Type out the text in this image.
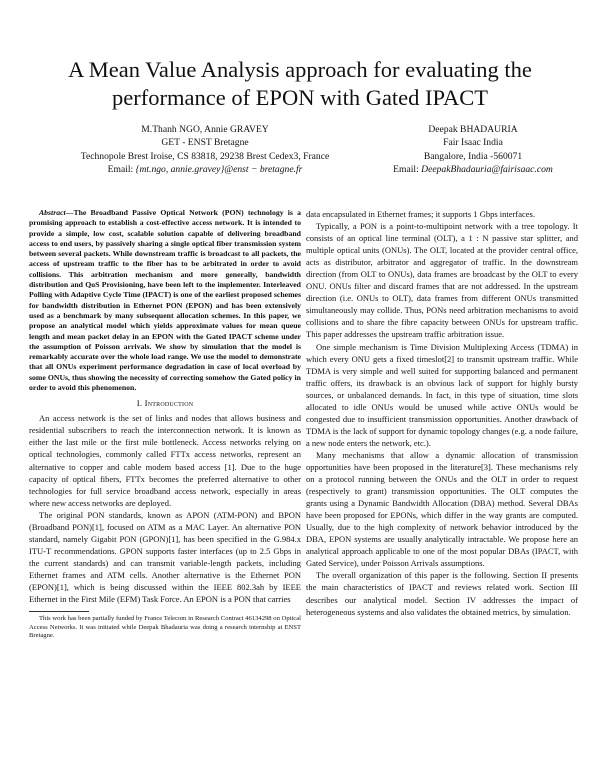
A Mean Value Analysis approach for evaluating the performance of EPON with Gated IPACT
M.Thanh NGO, Annie GRAVEY
GET - ENST Bretagne
Technopole Brest Iroise, CS 83818, 29238 Brest Cedex3, France
Email: {mt.ngo, annie.gravey}@enst − bretagne.fr
Deepak BHADAURIA
Fair Isaac India
Bangalore, India -560071
Email: DeepakBhadauria@fairisaac.com

Abstract—The Broadband Passive Optical Network (PON) technology is a promising approach to establish a cost-effective access network. It is intended to provide a simple, low cost, scalable solution capable of delivering broadband access to end users, by passively sharing a single optical fiber transmission system between several packets. While downstream traffic is broadcast to all packets, the access of upstream traffic to the fiber has to be arbitrated in order to avoid collisions. This arbitration mechanism and more generally, bandwidth distribution and QoS Provisioning, have been left to the implementer. Interleaved Polling with Adaptive Cycle Time (IPACT) is one of the earliest proposed schemes for bandwidth distribution in Ethernet PON (EPON) and has been extensively used as a benchmark by many subsequent allocation schemes. In this paper, we propose an analytical model which yields approximate values for mean queue length and mean packet delay in an EPON with the Gated IPACT scheme under the assumption of Poisson arrivals. We show by simulation that the model is remarkably accurate over the whole load range. We use the model to demonstrate that all ONUs experiment performance degradation in case of local overload by some ONUs, thus showing the necessity of correcting somehow the Gated policy in order to avoid this phenomenon.

I. Introduction

An access network is the set of links and nodes that allows business and residential subscribers to reach the interconnection network. It is known as either the last mile or the first mile bottleneck. Access networks relying on optical technologies, commonly called FTTx access networks, represent an alternative to copper and cable modem based access [1]. Due to the huge capacity of optical fibers, FTTx becomes the preferred alternative to other technologies for full service broadband access network, especially in areas where new access networks are deployed.

The original PON standards, known as APON (ATM-PON) and BPON (Broadband PON)[1], focused on ATM as a MAC Layer. An alternative PON standard, namely Gigabit PON (GPON)[1], has been specified in the G.984.x ITU-T recommendations. GPON supports faster interfaces (up to 2.5 Gbps in the current standards) and can transmit variable-length packets, including Ethernet frames and ATM cells. Another alternative is the Ethernet PON (EPON)[1], which is being discussed within the IEEE 802.3ah by IEEE Ethernet in the First Mile (EFM) Task Force. An EPON is a PON that carries

This work has been partially funded by France Telecom in Research Contract 46134298 on Optical Access Networks. It was initiated while Deepak Bhadauria was doing a research internship at ENST Bretagne.

data encapsulated in Ethernet frames; it supports 1 Gbps interfaces.

Typically, a PON is a point-to-multipoint network with a tree topology. It consists of an optical line terminal (OLT), a 1 : N passive star splitter, and multiple optical units (ONUs). The OLT, located at the provider central office, acts as distributor, arbitrator and aggregator of traffic. In the downstream direction (from OLT to ONUs), data frames are broadcast by the OLT to every ONU. ONUs filter and discard frames that are not addressed. In the upstream direction (i.e. ONUs to OLT), data frames from different ONUs transmitted simultaneously may collide. Thus, PONs need arbitration mechanisms to avoid collisions and to share the fibre capacity between ONUs for upstream traffic. This paper addresses the upstream traffic arbitration issue.

One simple mechanism is Time Division Multiplexing Access (TDMA) in which every ONU gets a fixed timeslot[2] to transmit upstream traffic. While TDMA is very simple and well suited for supporting balanced and permanent traffic offers, its drawback is an obvious lack of support for highly bursty sources, or unbalanced demands. In fact, in this type of situation, time slots allocated to idle ONUs would be unused while active ONUs would be congested due to insufficient transmission opportunities. Another drawback of TDMA is the lack of support for dynamic topology changes (e.g. a node failure, a new node enters the network, etc.).

Many mechanisms that allow a dynamic allocation of transmission opportunities have been proposed in the literature[3]. These mechanisms rely on a protocol running between the ONUs and the OLT in order to request (respectively to grant) transmission opportunities. The OLT computes the grants using a Dynamic Bandwidth Allocation (DBA) method. Several DBAs have been proposed for EPONs, which differ in the way grants are computed. Usually, due to the high complexity of network behavior introduced by the DBA, EPON systems are usually analytically intractable. We propose here an analytical approach applicable to one of the most popular DBAs (IPACT, with Gated Service), under Poisson Arrivals assumptions.

The overall organization of this paper is the following. Section II presents the main characteristics of IPACT and reviews related work. Section III describes our analytical model. Section IV addresses the impact of heterogeneous systems and also validates the obtained metrics, by simulation.
